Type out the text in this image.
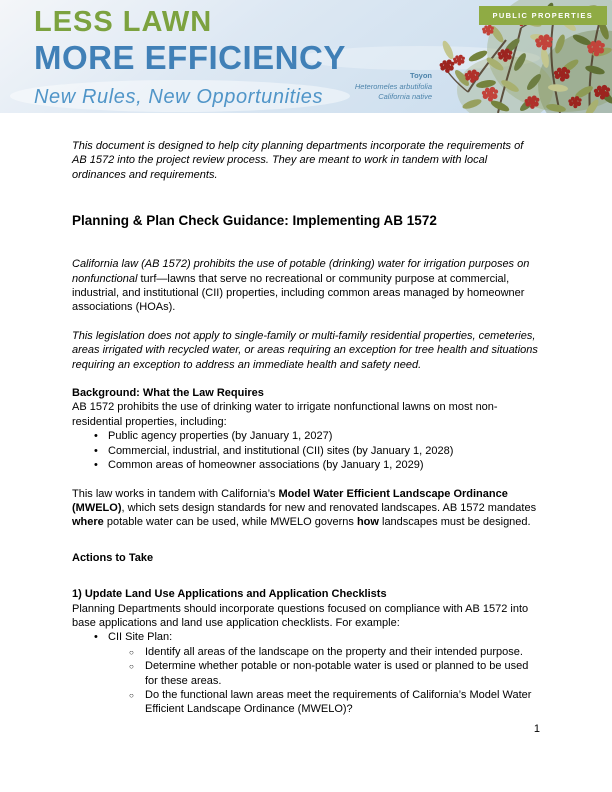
LESS LAWN
MORE EFFICIENCY
New Rules, New Opportunities
PUBLIC PROPERTIES
Toyon
Heteromeles arbutifolia
California native

This document is designed to help city planning departments incorporate the requirements of AB 1572 into the project review process. They are meant to work in tandem with local ordinances and requirements.

Planning & Plan Check Guidance: Implementing AB 1572

California law (AB 1572) prohibits the use of potable (drinking) water for irrigation purposes on nonfunctional turf—lawns that serve no recreational or community purpose at commercial, industrial, and institutional (CII) properties, including common areas managed by homeowner associations (HOAs).

This legislation does not apply to single-family or multi-family residential properties, cemeteries, areas irrigated with recycled water, or areas requiring an exception for tree health and situations requiring an exception to address an immediate health and safety need.

Background: What the Law Requires

AB 1572 prohibits the use of drinking water to irrigate nonfunctional lawns on most non-residential properties, including:

• Public agency properties (by January 1, 2027)
• Commercial, industrial, and institutional (CII) sites (by January 1, 2028)
• Common areas of homeowner associations (by January 1, 2029)

This law works in tandem with California’s Model Water Efficient Landscape Ordinance (MWELO), which sets design standards for new and renovated landscapes. AB 1572 mandates where potable water can be used, while MWELO governs how landscapes must be designed.

Actions to Take
1) Update Land Use Applications and Application Checklists

Planning Departments should incorporate questions focused on compliance with AB 1572 into base applications and land use application checklists. For example:

• CII Site Plan:
○ Identify all areas of the landscape on the property and their intended purpose.
○ Determine whether potable or non-potable water is used or planned to be used for these areas.
○ Do the functional lawn areas meet the requirements of California’s Model Water Efficient Landscape Ordinance (MWELO)?
1
